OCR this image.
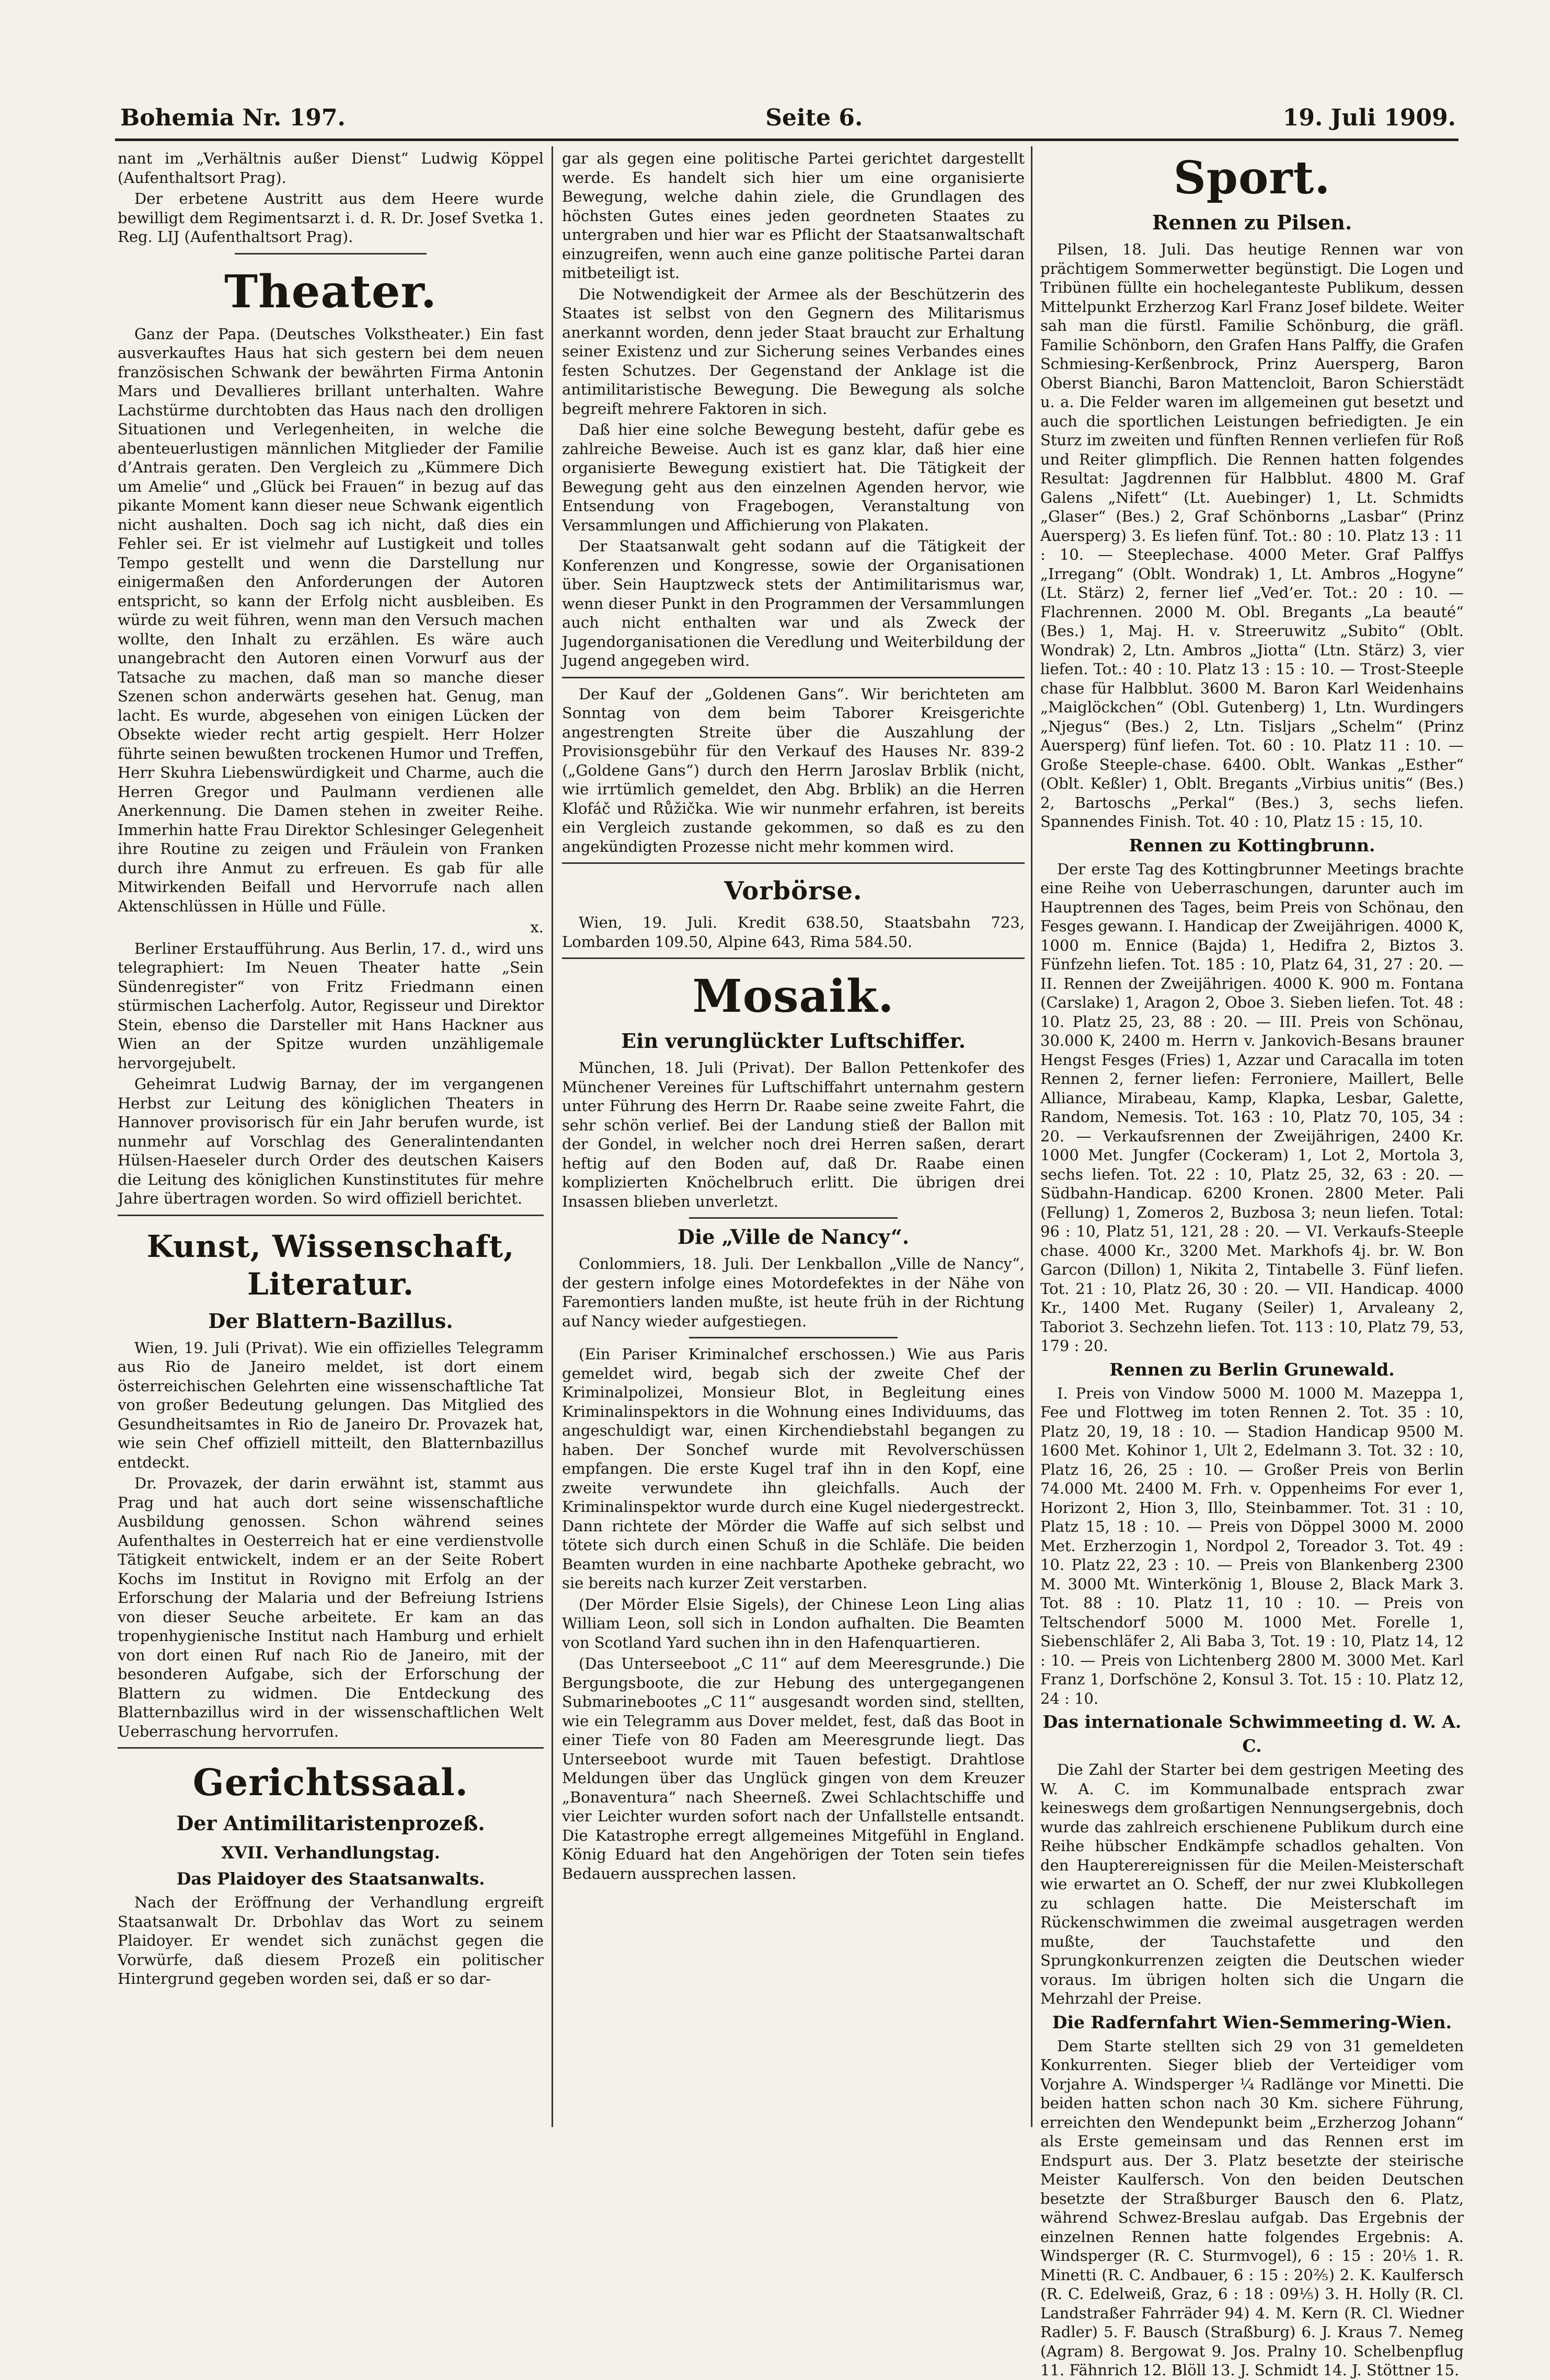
Bohemia Nr. 197.	Seite 6.	19. Juli 1909.

nant im „Verhältnis außer Dienst“ Ludwig Köppel (Aufenthaltsort Prag).

Der erbetene Austritt aus dem Heere wurde bewilligt dem Regimentsarzt i. d. R. Dr. Josef Svetka 1. Reg. LIJ (Aufenthaltsort Prag).

Theater.

Ganz der Papa. (Deutsches Volkstheater.) Ein fast ausverkauftes Haus hat sich gestern bei dem neuen französischen Schwank der bewährten Firma Antonin Mars und Devallieres brillant unterhalten. Wahre Lachstürme durchtobten das Haus nach den drolligen Situationen und Verlegenheiten, in welche die abenteuerlustigen männlichen Mitglieder der Familie d’Antrais geraten. Den Vergleich zu „Kümmere Dich um Amelie“ und „Glück bei Frauen“ in bezug auf das pikante Moment kann dieser neue Schwank eigentlich nicht aushalten. Doch sag ich nicht, daß dies ein Fehler sei. Er ist vielmehr auf Lustigkeit und tolles Tempo gestellt und wenn die Darstellung nur einigermaßen den Anforderungen der Autoren entspricht, so kann der Erfolg nicht ausbleiben. Es würde zu weit führen, wenn man den Versuch machen wollte, den Inhalt zu erzählen. Es wäre auch unangebracht den Autoren einen Vorwurf aus der Tatsache zu machen, daß man so manche dieser Szenen schon anderwärts gesehen hat. Genug, man lacht. Es wurde, abgesehen von einigen Lücken der Obsekte wieder recht artig gespielt. Herr Holzer führte seinen bewußten trockenen Humor und Treffen, Herr Skuhra Liebenswürdigkeit und Charme, auch die Herren Gregor und Paulmann verdienen alle Anerkennung. Die Damen stehen in zweiter Reihe. Immerhin hatte Frau Direktor Schlesinger Gelegenheit ihre Routine zu zeigen und Fräulein von Franken durch ihre Anmut zu erfreuen. Es gab für alle Mitwirkenden Beifall und Hervorrufe nach allen Aktenschlüssen in Hülle und Fülle.

x.

Berliner Erstaufführung. Aus Berlin, 17. d., wird uns telegraphiert: Im Neuen Theater hatte „Sein Sündenregister“ von Fritz Friedmann einen stürmischen Lacherfolg. Autor, Regisseur und Direktor Stein, ebenso die Darsteller mit Hans Hackner aus Wien an der Spitze wurden unzähligemale hervorgejubelt.

Geheimrat Ludwig Barnay, der im vergangenen Herbst zur Leitung des königlichen Theaters in Hannover provisorisch für ein Jahr berufen wurde, ist nunmehr auf Vorschlag des Generalintendanten Hülsen-Haeseler durch Order des deutschen Kaisers die Leitung des königlichen Kunstinstitutes für mehre Jahre übertragen worden. So wird offiziell berichtet.

Kunst, Wissenschaft, Literatur.
Der Blattern-Bazillus.

Wien, 19. Juli (Privat). Wie ein offizielles Telegramm aus Rio de Janeiro meldet, ist dort einem österreichischen Gelehrten eine wissenschaftliche Tat von großer Bedeutung gelungen. Das Mitglied des Gesundheitsamtes in Rio de Janeiro Dr. Provazek hat, wie sein Chef offiziell mitteilt, den Blatternbazillus entdeckt.

Dr. Provazek, der darin erwähnt ist, stammt aus Prag und hat auch dort seine wissenschaftliche Ausbildung genossen. Schon während seines Aufenthaltes in Oesterreich hat er eine verdienstvolle Tätigkeit entwickelt, indem er an der Seite Robert Kochs im Institut in Rovigno mit Erfolg an der Erforschung der Malaria und der Befreiung Istriens von dieser Seuche arbeitete. Er kam an das tropenhygienische Institut nach Hamburg und erhielt von dort einen Ruf nach Rio de Janeiro, mit der besonderen Aufgabe, sich der Erforschung der Blattern zu widmen. Die Entdeckung des Blatternbazillus wird in der wissenschaftlichen Welt Ueberraschung hervorrufen.

Gerichtssaal.
Der Antimilitaristenprozeß.
XVII. Verhandlungstag.
Das Plaidoyer des Staatsanwalts.

Nach der Eröffnung der Verhandlung ergreift Staatsanwalt Dr. Drbohlav das Wort zu seinem Plaidoyer. Er wendet sich zunächst gegen die Vorwürfe, daß diesem Prozeß ein politischer Hintergrund gegeben worden sei, daß er so dar-

gar als gegen eine politische Partei gerichtet dargestellt werde. Es handelt sich hier um eine organisierte Bewegung, welche dahin ziele, die Grundlagen des höchsten Gutes eines jeden geordneten Staates zu untergraben und hier war es Pflicht der Staatsanwaltschaft einzugreifen, wenn auch eine ganze politische Partei daran mitbeteiligt ist.

Die Notwendigkeit der Armee als der Beschützerin des Staates ist selbst von den Gegnern des Militarismus anerkannt worden, denn jeder Staat braucht zur Erhaltung seiner Existenz und zur Sicherung seines Verbandes eines festen Schutzes. Der Gegenstand der Anklage ist die antimilitaristische Bewegung. Die Bewegung als solche begreift mehrere Faktoren in sich.

Daß hier eine solche Bewegung besteht, dafür gebe es zahlreiche Beweise. Auch ist es ganz klar, daß hier eine organisierte Bewegung existiert hat. Die Tätigkeit der Bewegung geht aus den einzelnen Agenden hervor, wie Entsendung von Fragebogen, Veranstaltung von Versammlungen und Affichierung von Plakaten.

Der Staatsanwalt geht sodann auf die Tätigkeit der Konferenzen und Kongresse, sowie der Organisationen über. Sein Hauptzweck stets der Antimilitarismus war, wenn dieser Punkt in den Programmen der Versammlungen auch nicht enthalten war und als Zweck der Jugendorganisationen die Veredlung und Weiterbildung der Jugend angegeben wird.

Der Kauf der „Goldenen Gans“. Wir berichteten am Sonntag von dem beim Taborer Kreisgerichte angestrengten Streite über die Auszahlung der Provisionsgebühr für den Verkauf des Hauses Nr. 839-2 („Goldene Gans“) durch den Herrn Jaroslav Brblik (nicht, wie irrtümlich gemeldet, den Abg. Brblik) an die Herren Klofáč und Růžička. Wie wir nunmehr erfahren, ist bereits ein Vergleich zustande gekommen, so daß es zu den angekündigten Prozesse nicht mehr kommen wird.

Vorbörse.

Wien, 19. Juli. Kredit 638.50, Staatsbahn 723, Lombarden 109.50, Alpine 643, Rima 584.50.

Mosaik.
Ein verunglückter Luftschiffer.

München, 18. Juli (Privat). Der Ballon Pettenkofer des Münchener Vereines für Luftschiffahrt unternahm gestern unter Führung des Herrn Dr. Raabe seine zweite Fahrt, die sehr schön verlief. Bei der Landung stieß der Ballon mit der Gondel, in welcher noch drei Herren saßen, derart heftig auf den Boden auf, daß Dr. Raabe einen komplizierten Knöchelbruch erlitt. Die übrigen drei Insassen blieben unverletzt.

Die „Ville de Nancy“.

Conlommiers, 18. Juli. Der Lenkballon „Ville de Nancy“, der gestern infolge eines Motordefektes in der Nähe von Faremontiers landen mußte, ist heute früh in der Richtung auf Nancy wieder aufgestiegen.

(Ein Pariser Kriminalchef erschossen.) Wie aus Paris gemeldet wird, begab sich der zweite Chef der Kriminalpolizei, Monsieur Blot, in Begleitung eines Kriminalinspektors in die Wohnung eines Individuums, das angeschuldigt war, einen Kirchendiebstahl begangen zu haben. Der Sonchef wurde mit Revolverschüssen empfangen. Die erste Kugel traf ihn in den Kopf, eine zweite verwundete ihn gleichfalls. Auch der Kriminalinspektor wurde durch eine Kugel niedergestreckt. Dann richtete der Mörder die Waffe auf sich selbst und tötete sich durch einen Schuß in die Schläfe. Die beiden Beamten wurden in eine nachbarte Apotheke gebracht, wo sie bereits nach kurzer Zeit verstarben.

(Der Mörder Elsie Sigels), der Chinese Leon Ling alias William Leon, soll sich in London aufhalten. Die Beamten von Scotland Yard suchen ihn in den Hafenquartieren.

(Das Unterseeboot „C 11“ auf dem Meeresgrunde.) Die Bergungsboote, die zur Hebung des untergegangenen Submarinebootes „C 11“ ausgesandt worden sind, stellten, wie ein Telegramm aus Dover meldet, fest, daß das Boot in einer Tiefe von 80 Faden am Meeresgrunde liegt. Das Unterseeboot wurde mit Tauen befestigt. Drahtlose Meldungen über das Unglück gingen von dem Kreuzer „Bonaventura“ nach Sheerneß. Zwei Schlachtschiffe und vier Leichter wurden sofort nach der Unfallstelle entsandt. Die Katastrophe erregt allgemeines Mitgefühl in England. König Eduard hat den Angehörigen der Toten sein tiefes Bedauern aussprechen lassen.

Sport.
Rennen zu Pilsen.

Pilsen, 18. Juli. Das heutige Rennen war von prächtigem Sommerwetter begünstigt. Die Logen und Tribünen füllte ein hocheleganteste Publikum, dessen Mittelpunkt Erzherzog Karl Franz Josef bildete. Weiter sah man die fürstl. Familie Schönburg, die gräfl. Familie Schönborn, den Grafen Hans Palffy, die Grafen Schmiesing-Kerßenbrock, Prinz Auersperg, Baron Oberst Bianchi, Baron Mattencloit, Baron Schierstädt u. a. Die Felder waren im allgemeinen gut besetzt und auch die sportlichen Leistungen befriedigten. Je ein Sturz im zweiten und fünften Rennen verliefen für Roß und Reiter glimpflich. Die Rennen hatten folgendes Resultat: Jagdrennen für Halbblut. 4800 M. Graf Galens „Nifett“ (Lt. Auebinger) 1, Lt. Schmidts „Glaser“ (Bes.) 2, Graf Schönborns „Lasbar“ (Prinz Auersperg) 3. Es liefen fünf. Tot.: 80 : 10. Platz 13 : 11 : 10. — Steeplechase. 4000 Meter. Graf Palffys „Irregang“ (Oblt. Wondrak) 1, Lt. Ambros „Hogyne“ (Lt. Stärz) 2, ferner lief „Ved’er. Tot.: 20 : 10. — Flachrennen. 2000 M. Obl. Bregants „La beauté“ (Bes.) 1, Maj. H. v. Streeruwitz „Subito“ (Oblt. Wondrak) 2, Ltn. Ambros „Jiotta“ (Ltn. Stärz) 3, vier liefen. Tot.: 40 : 10. Platz 13 : 15 : 10. — Trost-Steeple chase für Halbblut. 3600 M. Baron Karl Weidenhains „Maiglöckchen“ (Obl. Gutenberg) 1, Ltn. Wurdingers „Njegus“ (Bes.) 2, Ltn. Tisljars „Schelm“ (Prinz Auersperg) fünf liefen. Tot. 60 : 10. Platz 11 : 10. — Große Steeple-chase. 6400. Oblt. Wankas „Esther“ (Oblt. Keßler) 1, Oblt. Bregants „Virbius unitis“ (Bes.) 2, Bartoschs „Perkal“ (Bes.) 3, sechs liefen. Spannendes Finish. Tot. 40 : 10, Platz 15 : 15, 10.

Rennen zu Kottingbrunn.

Der erste Tag des Kottingbrunner Meetings brachte eine Reihe von Ueberraschungen, darunter auch im Hauptrennen des Tages, beim Preis von Schönau, den Fesges gewann. I. Handicap der Zweijährigen. 4000 K, 1000 m. Ennice (Bajda) 1, Hedifra 2, Biztos 3. Fünfzehn liefen. Tot. 185 : 10, Platz 64, 31, 27 : 20. — II. Rennen der Zweijährigen. 4000 K. 900 m. Fontana (Carslake) 1, Aragon 2, Oboe 3. Sieben liefen. Tot. 48 : 10. Platz 25, 23, 88 : 20. — III. Preis von Schönau, 30.000 K, 2400 m. Herrn v. Jankovich-Besans brauner Hengst Fesges (Fries) 1, Azzar und Caracalla im toten Rennen 2, ferner liefen: Ferroniere, Maillert, Belle Alliance, Mirabeau, Kamp, Klapka, Lesbar, Galette, Random, Nemesis. Tot. 163 : 10, Platz 70, 105, 34 : 20. — Verkaufsrennen der Zweijährigen, 2400 Kr. 1000 Met. Jungfer (Cockeram) 1, Lot 2, Mortola 3, sechs liefen. Tot. 22 : 10, Platz 25, 32, 63 : 20. — Südbahn-Handicap. 6200 Kronen. 2800 Meter. Pali (Fellung) 1, Zomeros 2, Buzbosa 3; neun liefen. Total: 96 : 10, Platz 51, 121, 28 : 20. — VI. Verkaufs-Steeple chase. 4000 Kr., 3200 Met. Markhofs 4j. br. W. Bon Garcon (Dillon) 1, Nikita 2, Tintabelle 3. Fünf liefen. Tot. 21 : 10, Platz 26, 30 : 20. — VII. Handicap. 4000 Kr., 1400 Met. Rugany (Seiler) 1, Arvaleany 2, Taboriot 3. Sechzehn liefen. Tot. 113 : 10, Platz 79, 53, 179 : 20.

Rennen zu Berlin Grunewald.

I. Preis von Vindow 5000 M. 1000 M. Mazeppa 1, Fee und Flottweg im toten Rennen 2. Tot. 35 : 10, Platz 20, 19, 18 : 10. — Stadion Handicap 9500 M. 1600 Met. Kohinor 1, Ult 2, Edelmann 3. Tot. 32 : 10, Platz 16, 26, 25 : 10. — Großer Preis von Berlin 74.000 Mt. 2400 M. Frh. v. Oppenheims For ever 1, Horizont 2, Hion 3, Illo, Steinbammer. Tot. 31 : 10, Platz 15, 18 : 10. — Preis von Döppel 3000 M. 2000 Met. Erzherzogin 1, Nordpol 2, Toreador 3. Tot. 49 : 10. Platz 22, 23 : 10. — Preis von Blankenberg 2300 M. 3000 Mt. Winterkönig 1, Blouse 2, Black Mark 3. Tot. 88 : 10. Platz 11, 10 : 10. — Preis von Teltschendorf 5000 M. 1000 Met. Forelle 1, Siebenschläfer 2, Ali Baba 3, Tot. 19 : 10, Platz 14, 12 : 10. — Preis von Lichtenberg 2800 M. 3000 Met. Karl Franz 1, Dorfschöne 2, Konsul 3. Tot. 15 : 10. Platz 12, 24 : 10.

Das internationale Schwimmeeting d. W. A. C.

Die Zahl der Starter bei dem gestrigen Meeting des W. A. C. im Kommunalbade entsprach zwar keineswegs dem großartigen Nennungsergebnis, doch wurde das zahlreich erschienene Publikum durch eine Reihe hübscher Endkämpfe schadlos gehalten. Von den Haupterereignissen für die Meilen-Meisterschaft wie erwartet an O. Scheff, der nur zwei Klubkollegen zu schlagen hatte. Die Meisterschaft im Rückenschwimmen die zweimal ausgetragen werden mußte, der Tauchstafette und den Sprungkonkurrenzen zeigten die Deutschen wieder voraus. Im übrigen holten sich die Ungarn die Mehrzahl der Preise.

Die Radfernfahrt Wien-Semmering-Wien.

Dem Starte stellten sich 29 von 31 gemeldeten Konkurrenten. Sieger blieb der Verteidiger vom Vorjahre A. Windsperger ¼ Radlänge vor Minetti. Die beiden hatten schon nach 30 Km. sichere Führung, erreichten den Wendepunkt beim „Erzherzog Johann“ als Erste gemeinsam und das Rennen erst im Endspurt aus. Der 3. Platz besetzte der steirische Meister Kaulfersch. Von den beiden Deutschen besetzte der Straßburger Bausch den 6. Platz, während Schwez-Breslau aufgab. Das Ergebnis der einzelnen Rennen hatte folgendes Ergebnis: A. Windsperger (R. C. Sturmvogel), 6 : 15 : 20⅕ 1. R. Minetti (R. C. Andbauer, 6 : 15 : 20⅖) 2. K. Kaulfersch (R. C. Edelweiß, Graz, 6 : 18 : 09⅕) 3. H. Holly (R. Cl. Landstraßer Fahrräder 94) 4. M. Kern (R. Cl. Wiedner Radler) 5. F. Bausch (Straßburg) 6. J. Kraus 7. Nemeg (Agram) 8. Bergowat 9. Jos. Pralny 10. Schelbenpflug 11. Fähnrich 12. Blöll 13. J. Schmidt 14. J. Stöttner 15.
